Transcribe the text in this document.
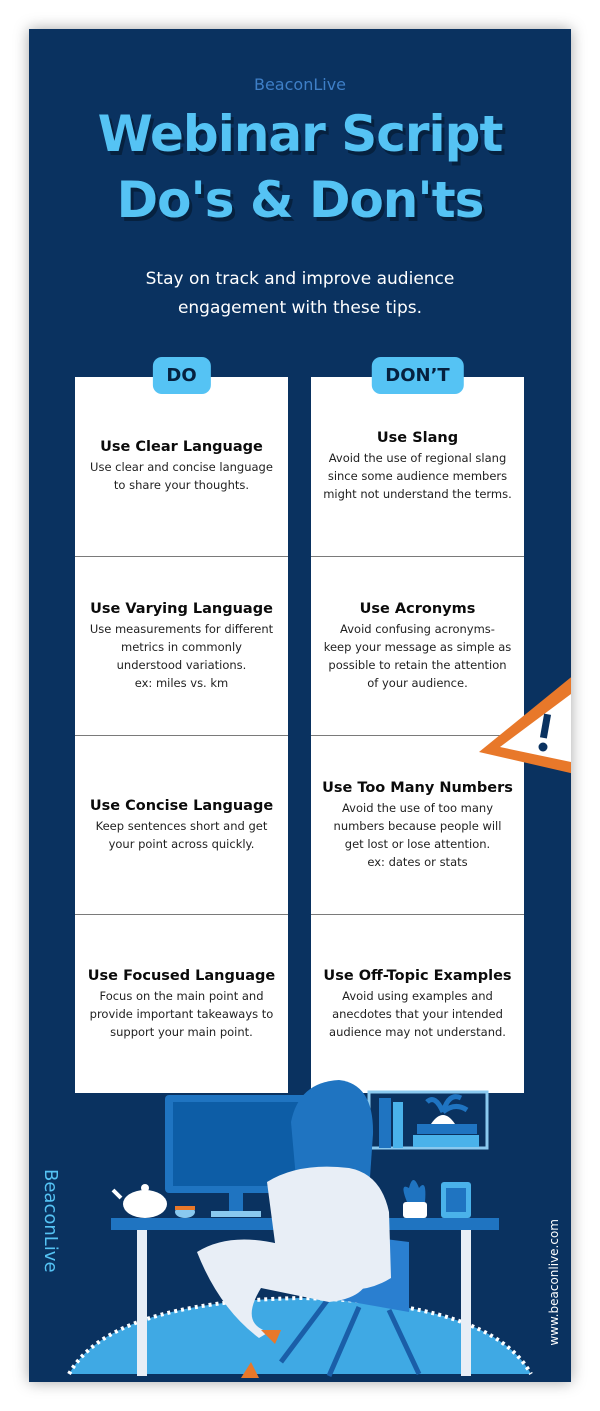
BeaconLive
Webinar Script
Do's & Don'ts
Stay on track and improve audience
engagement with these tips.
DO
Use Clear Language

Use clear and concise language
to share your thoughts.

Use Varying Language

Use measurements for different
metrics in commonly
understood variations.
ex: miles vs. km

Use Concise Language

Keep sentences short and get
your point across quickly.

Use Focused Language

Focus on the main point and
provide important takeaways to
support your main point.

DON’T
Use Slang

Avoid the use of regional slang
since some audience members
might not understand the terms.

Use Acronyms

Avoid confusing acronyms-
keep your message as simple as
possible to retain the attention
of your audience.

Use Too Many Numbers

Avoid the use of too many
numbers because people will
get lost or lose attention.
ex: dates or stats

Use Off-Topic Examples

Avoid using examples and
anecdotes that your intended
audience may not understand.

BeaconLive	www.beaconlive.com
